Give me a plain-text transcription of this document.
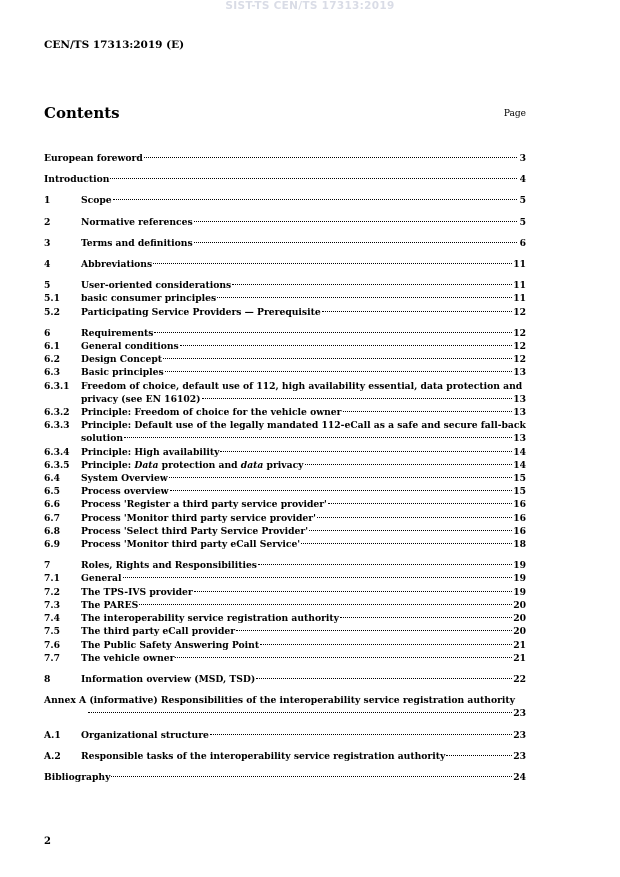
SIST-TS CEN/TS 17313:2019
CEN/TS 17313:2019 (E)
Contents	Page
European foreword	3
Introduction	4
1	Scope	5
2	Normative references	5
3	Terms and definitions	6
4	Abbreviations	11
5	User-oriented considerations	11
5.1	basic consumer principles	11
5.2	Participating Service Providers — Prerequisite	12
6	Requirements	12
6.1	General conditions	12
6.2	Design Concept	12
6.3	Basic principles	13
6.3.1	Freedom of choice, default use of 112, high availability essential, data protection and
privacy (see EN 16102)	13
6.3.2	Principle: Freedom of choice for the vehicle owner	13
6.3.3	Principle: Default use of the legally mandated 112-eCall as a safe and secure fall-back
solution	13
6.3.4	Principle: High availability	14
6.3.5	Principle: Data protection and data privacy	14
6.4	System Overview	15
6.5	Process overview	15
6.6	Process 'Register a third party service provider'	16
6.7	Process 'Monitor third party service provider'	16
6.8	Process 'Select third Party Service Provider'	16
6.9	Process 'Monitor third party eCall Service'	18
7	Roles, Rights and Responsibilities	19
7.1	General	19
7.2	The TPS-IVS provider	19
7.3	The PARES	20
7.4	The interoperability service registration authority	20
7.5	The third party eCall provider	20
7.6	The Public Safety Answering Point	21
7.7	The vehicle owner	21
8	Information overview (MSD, TSD)	22
Annex A (informative) Responsibilities of the interoperability service registration authority
23
A.1	Organizational structure	23
A.2	Responsible tasks of the interoperability service registration authority	23
Bibliography	24
2
